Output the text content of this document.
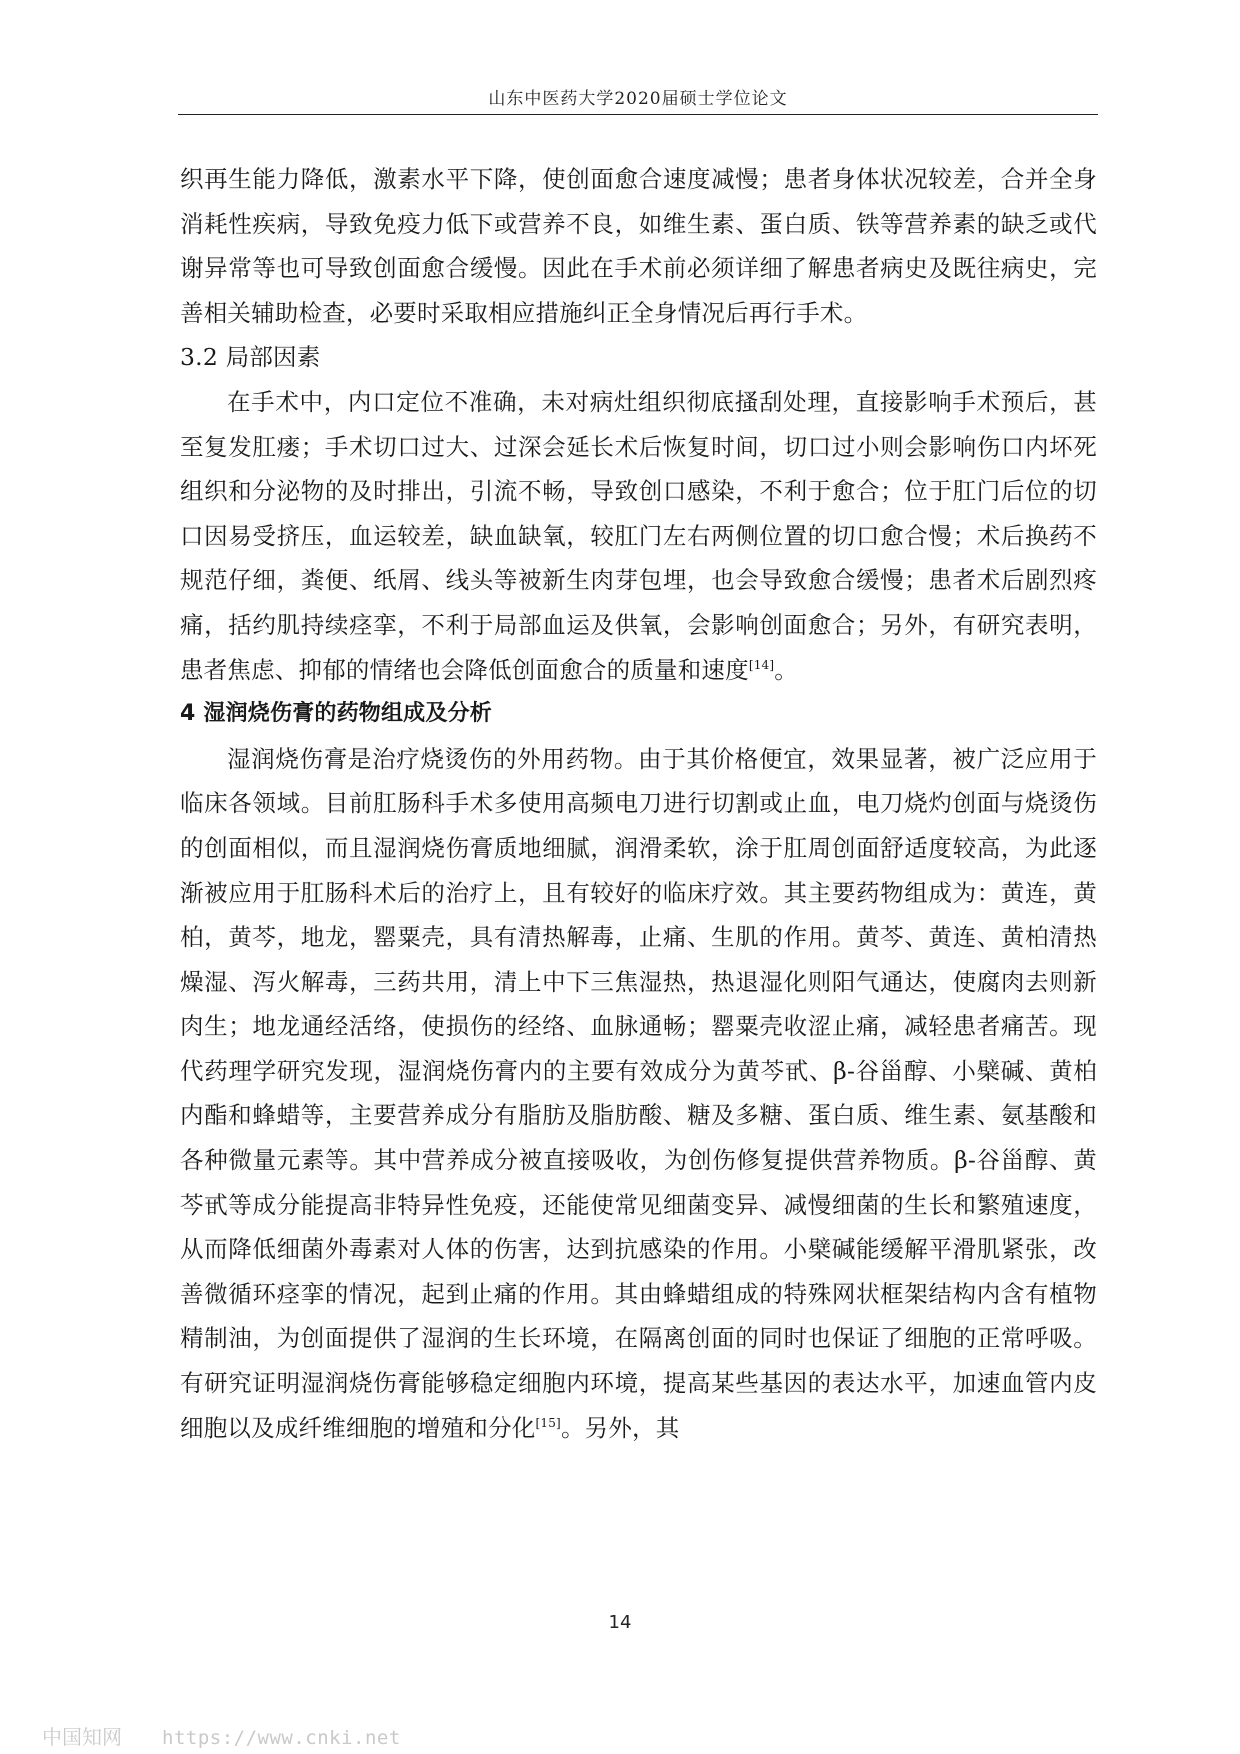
山东中医药大学2020届硕士学位论文

织再生能力降低，激素水平下降，使创面愈合速度减慢；患者身体状况较差，合并全身消耗性疾病，导致免疫力低下或营养不良，如维生素、蛋白质、铁等营养素的缺乏或代谢异常等也可导致创面愈合缓慢。因此在手术前必须详细了解患者病史及既往病史，完善相关辅助检查，必要时采取相应措施纠正全身情况后再行手术。

3.2 局部因素

在手术中，内口定位不准确，未对病灶组织彻底搔刮处理，直接影响手术预后，甚至复发肛瘘；手术切口过大、过深会延长术后恢复时间，切口过小则会影响伤口内坏死组织和分泌物的及时排出，引流不畅，导致创口感染，不利于愈合；位于肛门后位的切口因易受挤压，血运较差，缺血缺氧，较肛门左右两侧位置的切口愈合慢；术后换药不规范仔细，粪便、纸屑、线头等被新生肉芽包埋，也会导致愈合缓慢；患者术后剧烈疼痛，括约肌持续痉挛，不利于局部血运及供氧，会影响创面愈合；另外，有研究表明，患者焦虑、抑郁的情绪也会降低创面愈合的质量和速度[14]。

4 湿润烧伤膏的药物组成及分析

湿润烧伤膏是治疗烧烫伤的外用药物。由于其价格便宜，效果显著，被广泛应用于临床各领域。目前肛肠科手术多使用高频电刀进行切割或止血，电刀烧灼创面与烧烫伤的创面相似，而且湿润烧伤膏质地细腻，润滑柔软，涂于肛周创面舒适度较高，为此逐渐被应用于肛肠科术后的治疗上，且有较好的临床疗效。其主要药物组成为：黄连，黄柏，黄芩，地龙，罂粟壳，具有清热解毒，止痛、生肌的作用。黄芩、黄连、黄柏清热燥湿、泻火解毒，三药共用，清上中下三焦湿热，热退湿化则阳气通达，使腐肉去则新肉生；地龙通经活络，使损伤的经络、血脉通畅；罂粟壳收涩止痛，减轻患者痛苦。现代药理学研究发现，湿润烧伤膏内的主要有效成分为黄芩甙、β-谷甾醇、小檗碱、黄柏内酯和蜂蜡等，主要营养成分有脂肪及脂肪酸、糖及多糖、蛋白质、维生素、氨基酸和各种微量元素等。其中营养成分被直接吸收，为创伤修复提供营养物质。β-谷甾醇、黄芩甙等成分能提高非特异性免疫，还能使常见细菌变异、减慢细菌的生长和繁殖速度，从而降低细菌外毒素对人体的伤害，达到抗感染的作用。小檗碱能缓解平滑肌紧张，改善微循环痉挛的情况，起到止痛的作用。其由蜂蜡组成的特殊网状框架结构内含有植物精制油，为创面提供了湿润的生长环境，在隔离创面的同时也保证了细胞的正常呼吸。有研究证明湿润烧伤膏能够稳定细胞内环境，提高某些基因的表达水平，加速血管内皮细胞以及成纤维细胞的增殖和分化[15]。另外，其

14
中国知网 https://www.cnki.net
